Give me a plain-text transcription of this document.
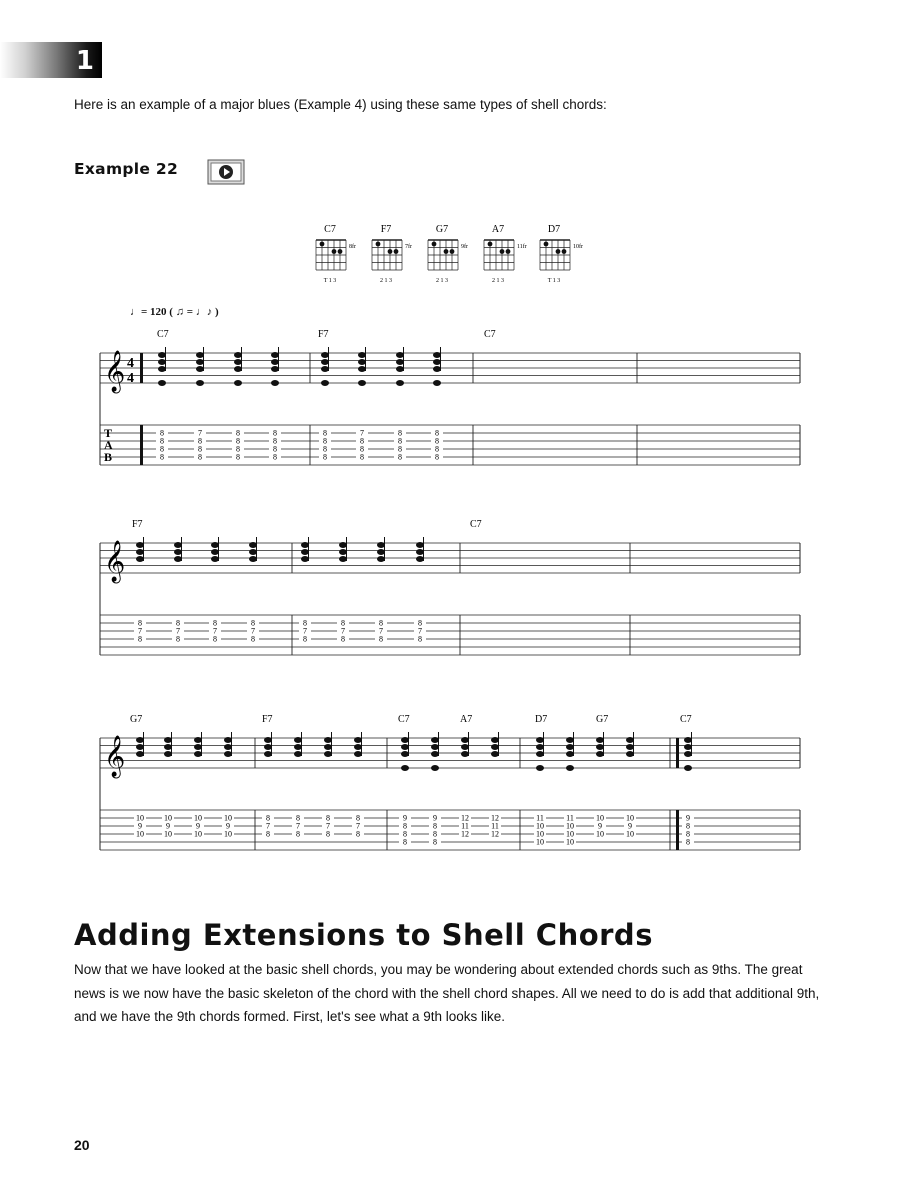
1
Here is an example of a major blues (Example 4) using these same types of shell chords:
Example 22
C7
8fr
T 1 3
F7
7fr
2 1 3
G7
9fr
2 1 3
A7
11fr
2 1 3
D7
10fr
T 1 3
♩= 120 ( ♫ = ♩♪ )
C7	F7	C7
𝄞 4
4
T
A
B
8
8
8
8
7
8
8
8
8
8
8
8
8
8
8
8
8
8
8
8
7
8
8
8
8
8
8
8
8
8
8
8
F7	C7
𝄞
8
7
8
8
7
8
8
7
8
8
7
8
8
7
8
8
7
8
8
7
8
8
7
8
G7	F7	C7	A7	D7	G7	C7
𝄞
10
9
10
10
9
10
10
9
10
10
9
10
8
7
8
8
7
8
8
7
8
8
7
8
9
8
8
8
9
8
8
8
12
11
12
12
11
12
11
10
10
10
11
10
10
10
10
9
10
10
9
10
9
8
8
8
Adding Extensions to Shell Chords
Now that we have looked at the basic shell chords, you may be wondering about extended chords such as 9ths. The great news is we now have the basic skeleton of the chord with the shell chord shapes. All we need to do is add that additional 9th, and we have the 9th chords formed. First, let's see what a 9th looks like.
20
